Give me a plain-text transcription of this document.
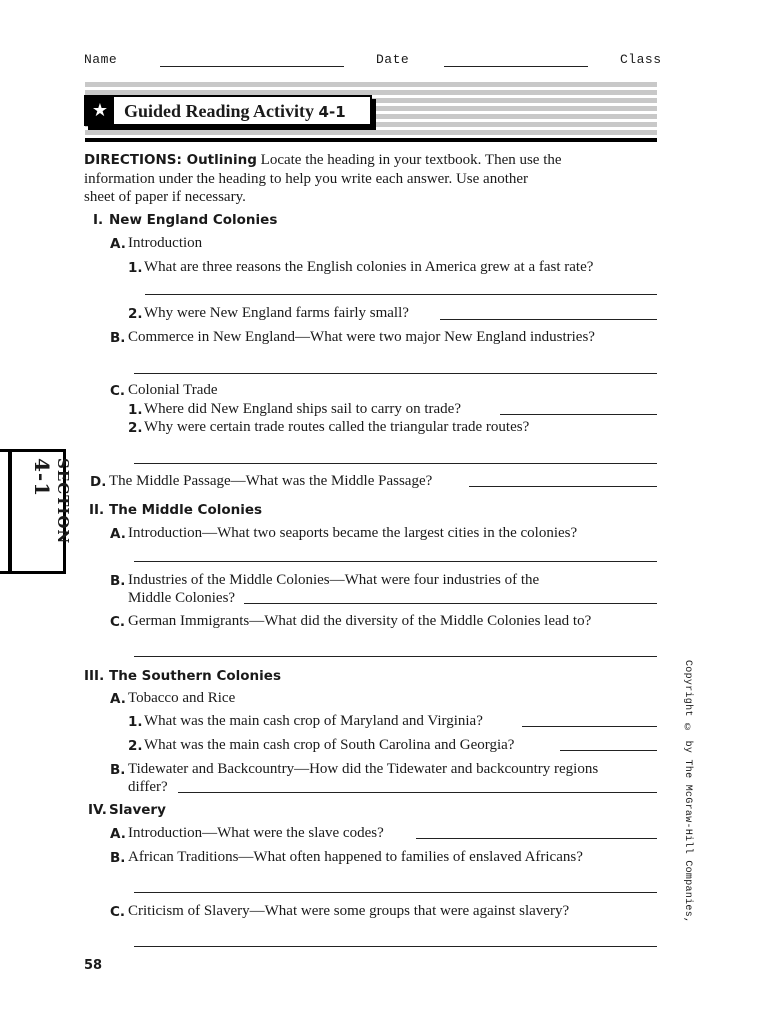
Name	Date	Class
★ Guided Reading Activity 4-1
DIRECTIONS: Outlining Locate the heading in your textbook. Then use the
information under the heading to help you write each answer. Use another
sheet of paper if necessary.
I. New England Colonies
A. Introduction
1. What are three reasons the English colonies in America grew at a fast rate?
2. Why were New England farms fairly small?
B. Commerce in New England—What were two major New England industries?
C. Colonial Trade
1. Where did New England ships sail to carry on trade?
2. Why were certain trade routes called the triangular trade routes?
D. The Middle Passage—What was the Middle Passage?
II. The Middle Colonies
A. Introduction—What two seaports became the largest cities in the colonies?
B. Industries of the Middle Colonies—What were four industries of the
Middle Colonies?
C. German Immigrants—What did the diversity of the Middle Colonies lead to?
III. The Southern Colonies
A. Tobacco and Rice
1. What was the main cash crop of Maryland and Virginia?
2. What was the main cash crop of South Carolina and Georgia?
B. Tidewater and Backcountry—How did the Tidewater and backcountry regions
differ?
IV. Slavery
A. Introduction—What were the slave codes?
B. African Traditions—What often happened to families of enslaved Africans?
C. Criticism of Slavery—What were some groups that were against slavery?
SECTION 4-1
Copyright © by The McGraw-Hill Companies,
58
